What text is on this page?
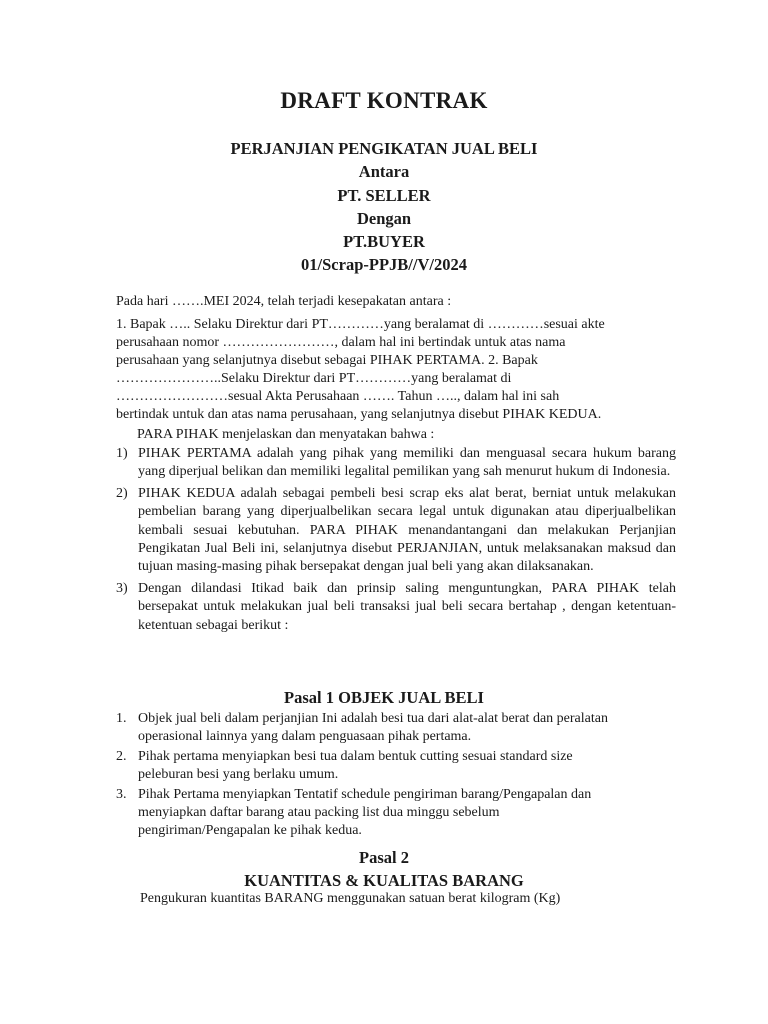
DRAFT KONTRAK
PERJANJIAN PENGIKATAN JUAL BELI
Antara
PT. SELLER
Dengan
PT.BUYER
01/Scrap-PPJB//V/2024
Pada hari …….MEI 2024, telah terjadi kesepakatan antara :
1. Bapak ….. Selaku Direktur dari PT…………yang beralamat di …………sesuai akte
perusahaan nomor ……………………, dalam hal ini bertindak untuk atas nama
perusahaan yang selanjutnya disebut sebagai PIHAK PERTAMA. 2. Bapak
…………………..Selaku Direktur dari PT…………yang beralamat di
……………………sesual Akta Perusahaan ……. Tahun ….., dalam hal ini sah
bertindak untuk dan atas nama perusahaan, yang selanjutnya disebut PIHAK KEDUA.
PARA PIHAK menjelaskan dan menyatakan bahwa :
1) PIHAK PERTAMA adalah yang pihak yang memiliki dan menguasal secara hukum barang yang diperjual belikan dan memiliki legalital pemilikan yang sah menurut hukum di Indonesia.
2) PIHAK KEDUA adalah sebagai pembeli besi scrap eks alat berat, berniat untuk melakukan pembelian barang yang diperjualbelikan secara legal untuk digunakan atau diperjualbelikan kembali sesuai kebutuhan. PARA PIHAK menandantangani dan melakukan Perjanjian Pengikatan Jual Beli ini, selanjutnya disebut PERJANJIAN, untuk melaksanakan maksud dan tujuan masing-masing pihak bersepakat dengan jual beli yang akan dilaksanakan.
3) Dengan dilandasi Itikad baik dan prinsip saling menguntungkan, PARA PIHAK telah bersepakat untuk melakukan jual beli transaksi jual beli secara bertahap , dengan ketentuan-ketentuan sebagai berikut :
Pasal 1 OBJEK JUAL BELI
1. Objek jual beli dalam perjanjian Ini adalah besi tua dari alat-alat berat dan peralatan
operasional lainnya yang dalam penguasaan pihak pertama.
2. Pihak pertama menyiapkan besi tua dalam bentuk cutting sesuai standard size
peleburan besi yang berlaku umum.
3. Pihak Pertama menyiapkan Tentatif schedule pengiriman barang/Pengapalan dan
menyiapkan daftar barang atau packing list dua minggu sebelum
pengiriman/Pengapalan ke pihak kedua.
Pasal 2
KUANTITAS & KUALITAS BARANG
Pengukuran kuantitas BARANG menggunakan satuan berat kilogram (Kg)
